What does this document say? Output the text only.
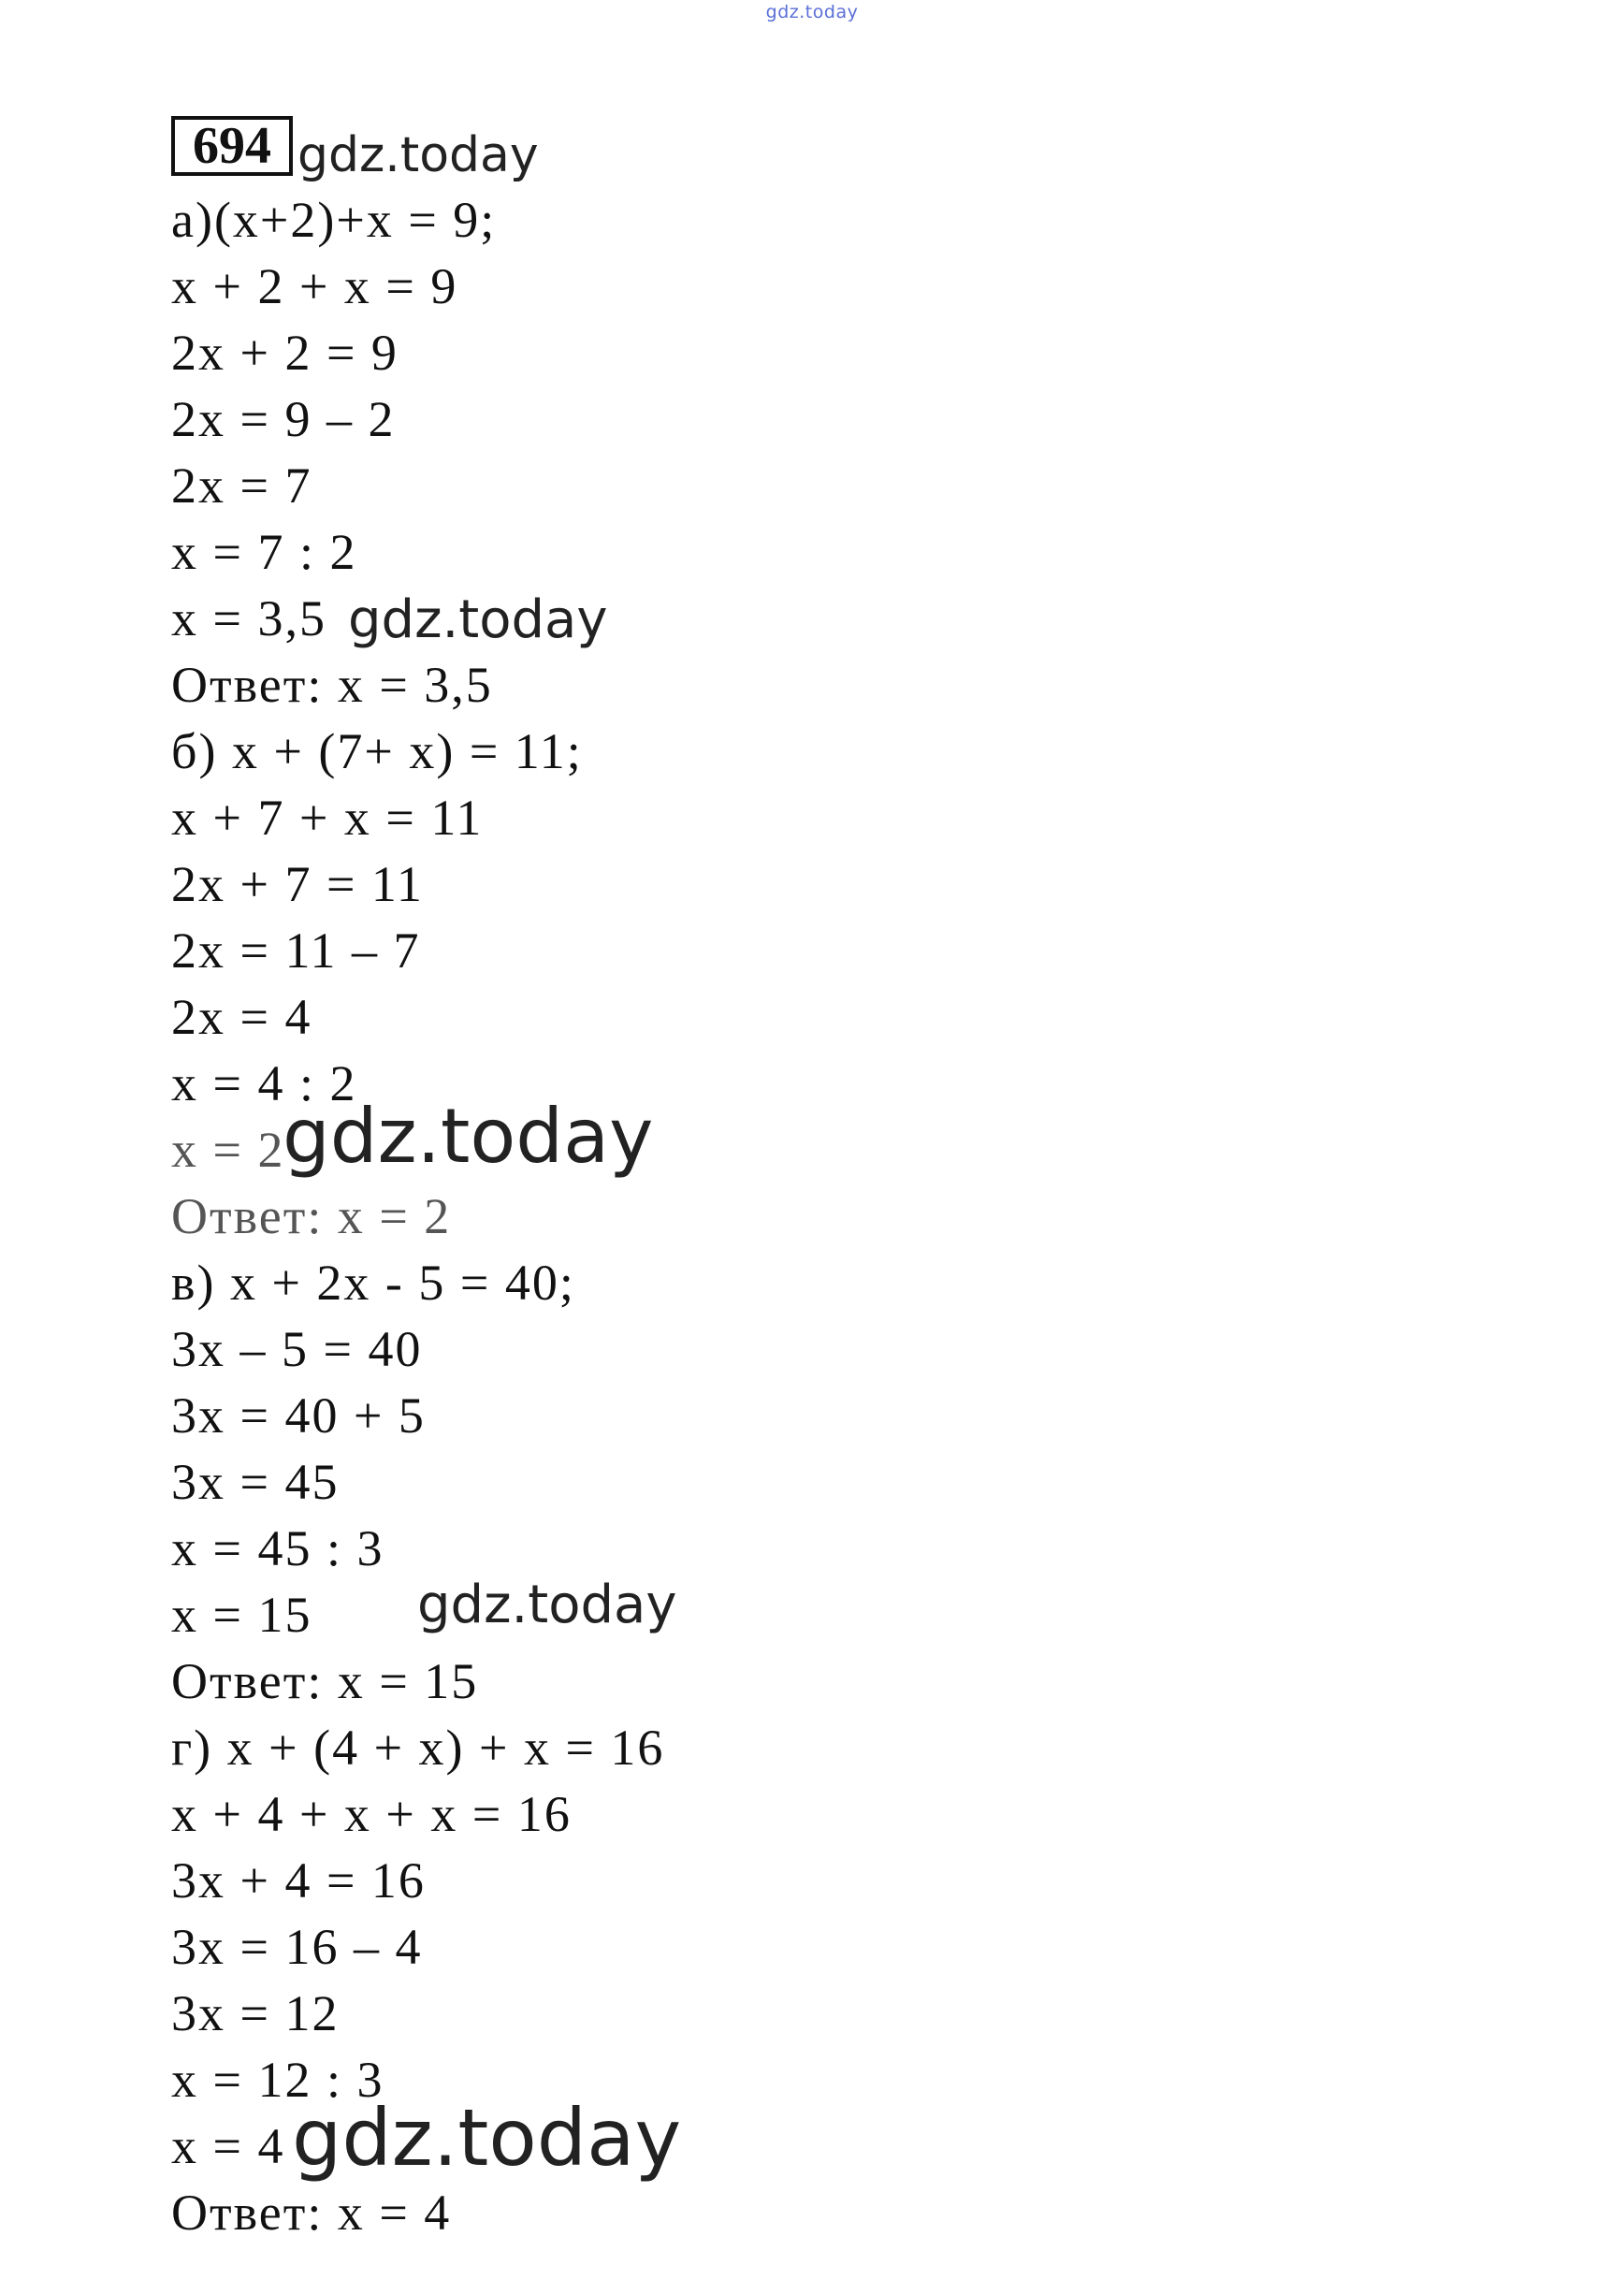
gdz.today
694 gdz.today
gdz.today
gdz.today
gdz.today
gdz.today
а)(x+2)+x = 9;
x + 2 + x = 9
2x + 2 = 9
2x = 9 – 2
2x = 7
x = 7 : 2
x = 3,5
Ответ: x = 3,5
б) x + (7+ x) = 11;
x + 7 + x = 11
2x + 7 = 11
2x = 11 – 7
2x = 4
x = 4 : 2
x = 2
Ответ: x = 2
в) x + 2x - 5 = 40;
3x – 5 = 40
3x = 40 + 5
3x = 45
x = 45 : 3
x = 15
Ответ: x = 15
г) x + (4 + x) + x = 16
x + 4 + x + x = 16
3x + 4 = 16
3x = 16 – 4
3x = 12
x = 12 : 3
x = 4
Ответ: x = 4
